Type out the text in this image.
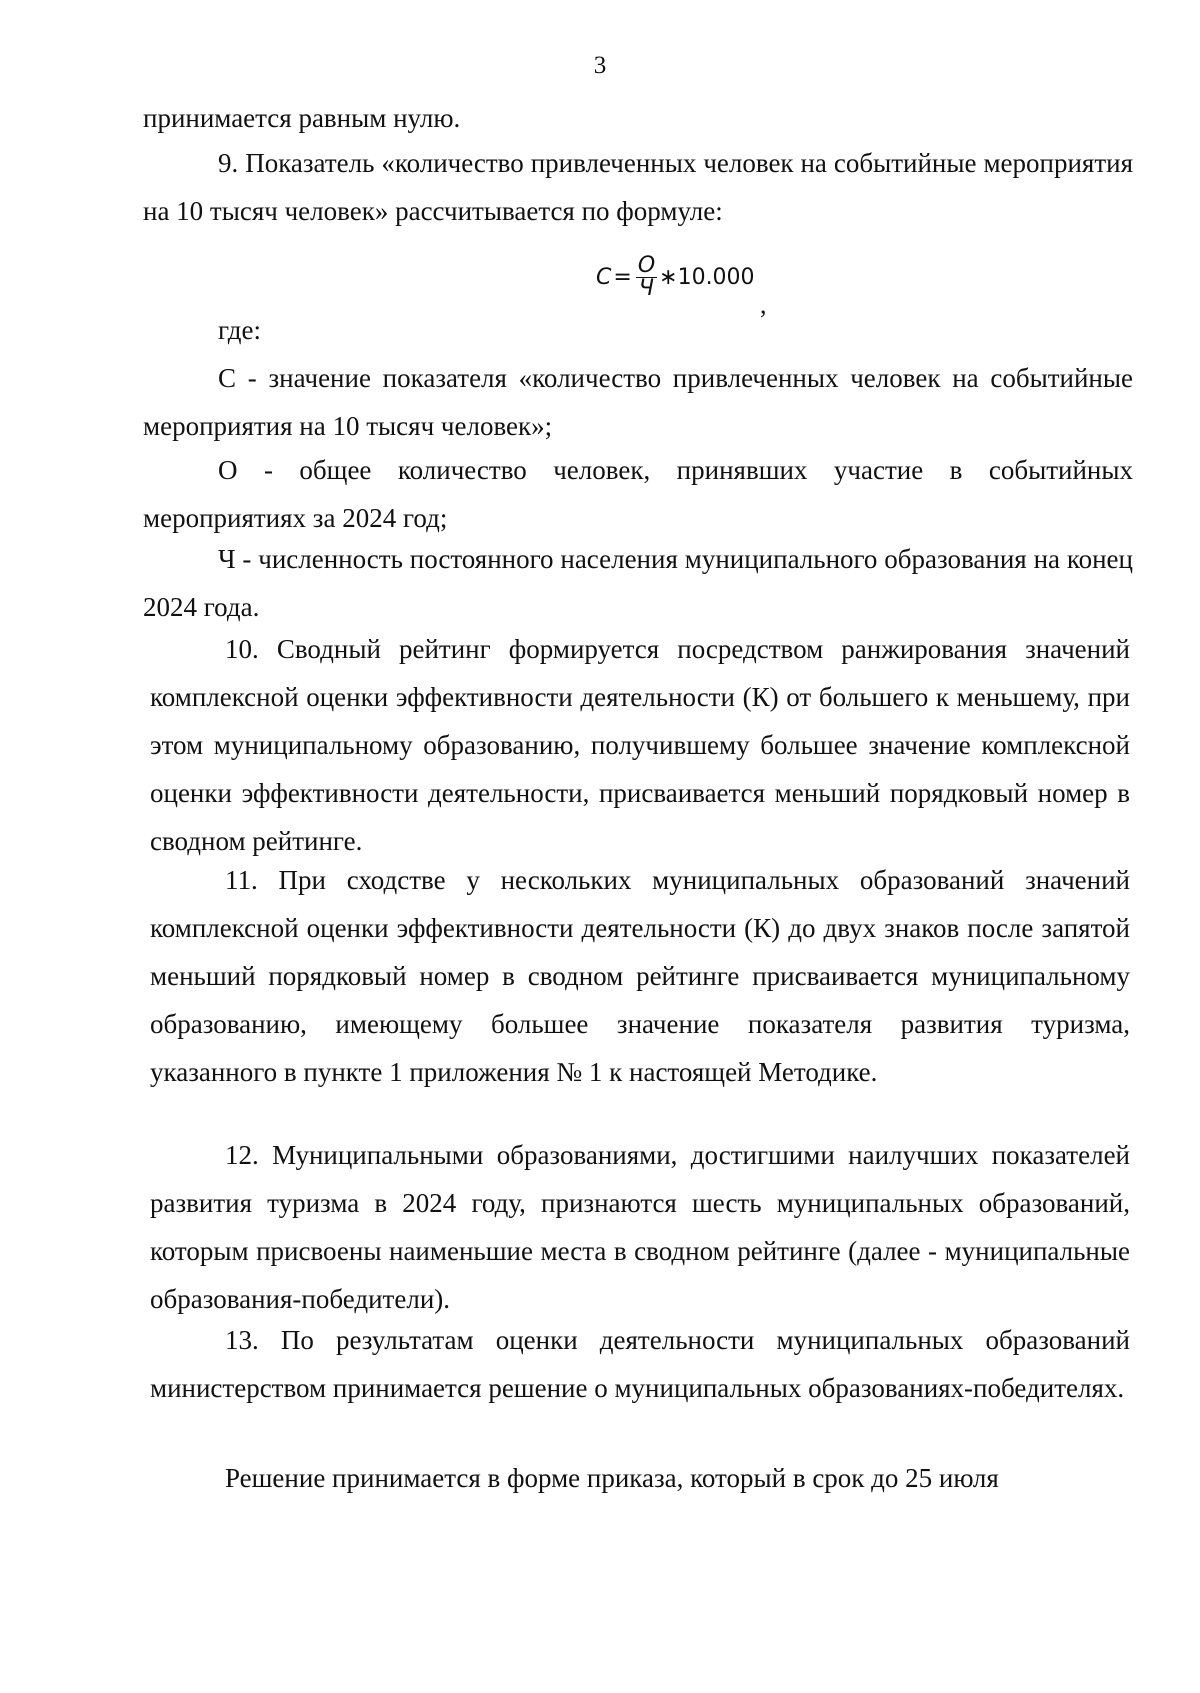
3
принимается равным нулю.
9. Показатель «количество привлеченных человек на событийные мероприятия на 10 тысяч человек» рассчитывается по формуле:
$C= \frac{O}{Ч}$ ∗10.000
,
где:
С - значение показателя «количество привлеченных человек на событийные мероприятия на 10 тысяч человек»;
О - общее количество человек, принявших участие в событийных мероприятиях за 2024 год;
Ч - численность постоянного населения муниципального образования на конец 2024 года.
10. Сводный рейтинг формируется посредством ранжирования значений комплексной оценки эффективности деятельности (К) от большего к меньшему, при этом муниципальному образованию, получившему большее значение комплексной оценки эффективности деятельности, присваивается меньший порядковый номер в сводном рейтинге.
11. При сходстве у нескольких муниципальных образований значений комплексной оценки эффективности деятельности (К) до двух знаков после запятой меньший порядковый номер в сводном рейтинге присваивается муниципальному образованию, имеющему большее значение показателя развития туризма, указанного в пункте 1 приложения № 1 к настоящей Методике.
12. Муниципальными образованиями, достигшими наилучших показателей развития туризма в 2024 году, признаются шесть муниципальных образований, которым присвоены наименьшие места в сводном рейтинге (далее - муниципальные образования-победители).
13. По результатам оценки деятельности муниципальных образований министерством принимается решение о муниципальных образованиях-победителях.
Решение принимается в форме приказа, который в срок до 25 июля
